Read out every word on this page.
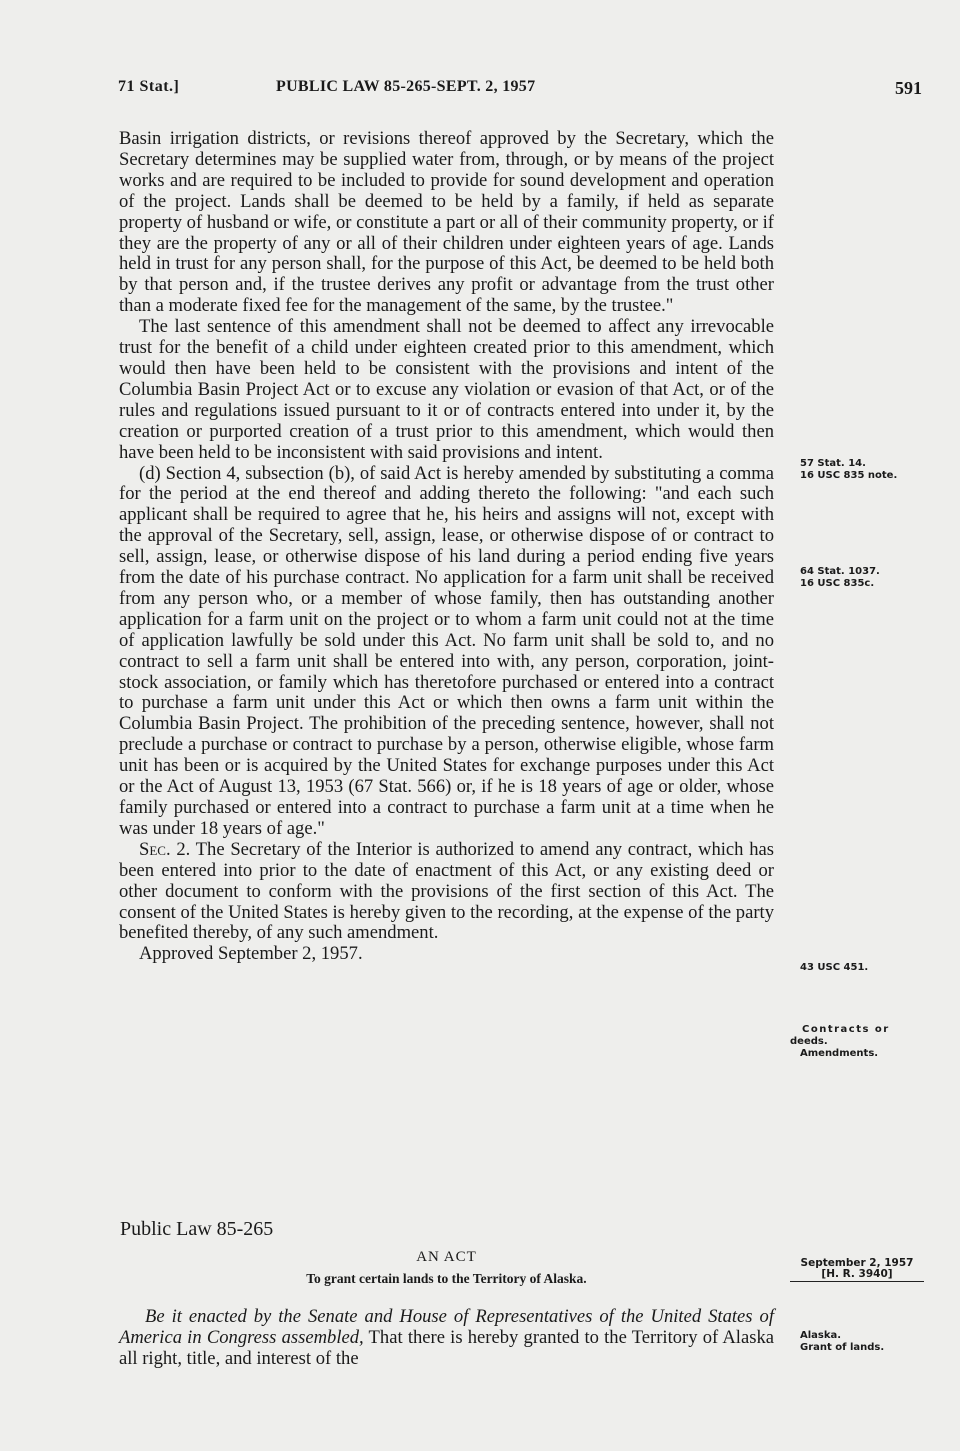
71 Stat.]	PUBLIC LAW 85-265-SEPT. 2, 1957	591

Basin irrigation districts, or revisions thereof approved by the Secretary, which the Secretary determines may be supplied water from, through, or by means of the project works and are required to be included to provide for sound development and operation of the project. Lands shall be deemed to be held by a family, if held as separate property of husband or wife, or constitute a part or all of their community property, or if they are the property of any or all of their children under eighteen years of age. Lands held in trust for any person shall, for the purpose of this Act, be deemed to be held both by that person and, if the trustee derives any profit or advantage from the trust other than a moderate fixed fee for the management of the same, by the trustee."

The last sentence of this amendment shall not be deemed to affect any irrevocable trust for the benefit of a child under eighteen created prior to this amendment, which would then have been held to be consistent with the provisions and intent of the Columbia Basin Project Act or to excuse any violation or evasion of that Act, or of the rules and regulations issued pursuant to it or of contracts entered into under it, by the creation or purported creation of a trust prior to this amendment, which would then have been held to be inconsistent with said provisions and intent.

(d) Section 4, subsection (b), of said Act is hereby amended by substituting a comma for the period at the end thereof and adding thereto the following: "and each such applicant shall be required to agree that he, his heirs and assigns will not, except with the approval of the Secretary, sell, assign, lease, or otherwise dispose of or contract to sell, assign, lease, or otherwise dispose of his land during a period ending five years from the date of his purchase contract. No application for a farm unit shall be received from any person who, or a member of whose family, then has outstanding another application for a farm unit on the project or to whom a farm unit could not at the time of application lawfully be sold under this Act. No farm unit shall be sold to, and no contract to sell a farm unit shall be entered into with, any person, corporation, joint-stock association, or family which has theretofore purchased or entered into a contract to purchase a farm unit under this Act or which then owns a farm unit within the Columbia Basin Project. The prohibition of the preceding sentence, however, shall not preclude a purchase or contract to purchase by a person, otherwise eligible, whose farm unit has been or is acquired by the United States for exchange purposes under this Act or the Act of August 13, 1953 (67 Stat. 566) or, if he is 18 years of age or older, whose family purchased or entered into a contract to purchase a farm unit at a time when he was under 18 years of age."

Sec. 2. The Secretary of the Interior is authorized to amend any contract, which has been entered into prior to the date of enactment of this Act, or any existing deed or other document to conform with the provisions of the first section of this Act. The consent of the United States is hereby given to the recording, at the expense of the party benefited thereby, of any such amendment.

Approved September 2, 1957.

Public Law 85-265
AN ACT
To grant certain lands to the Territory of Alaska.
Be it enacted by the Senate and House of Representatives of the United States of America in Congress assembled, That there is hereby granted to the Territory of Alaska all right, title, and interest of the
57 Stat. 14.
16 USC 835 note.
64 Stat. 1037.
16 USC 835c.
43 USC 451.
Contracts or
deeds.
Amendments.
September 2, 1957
[H. R. 3940]
Alaska.
Grant of lands.
